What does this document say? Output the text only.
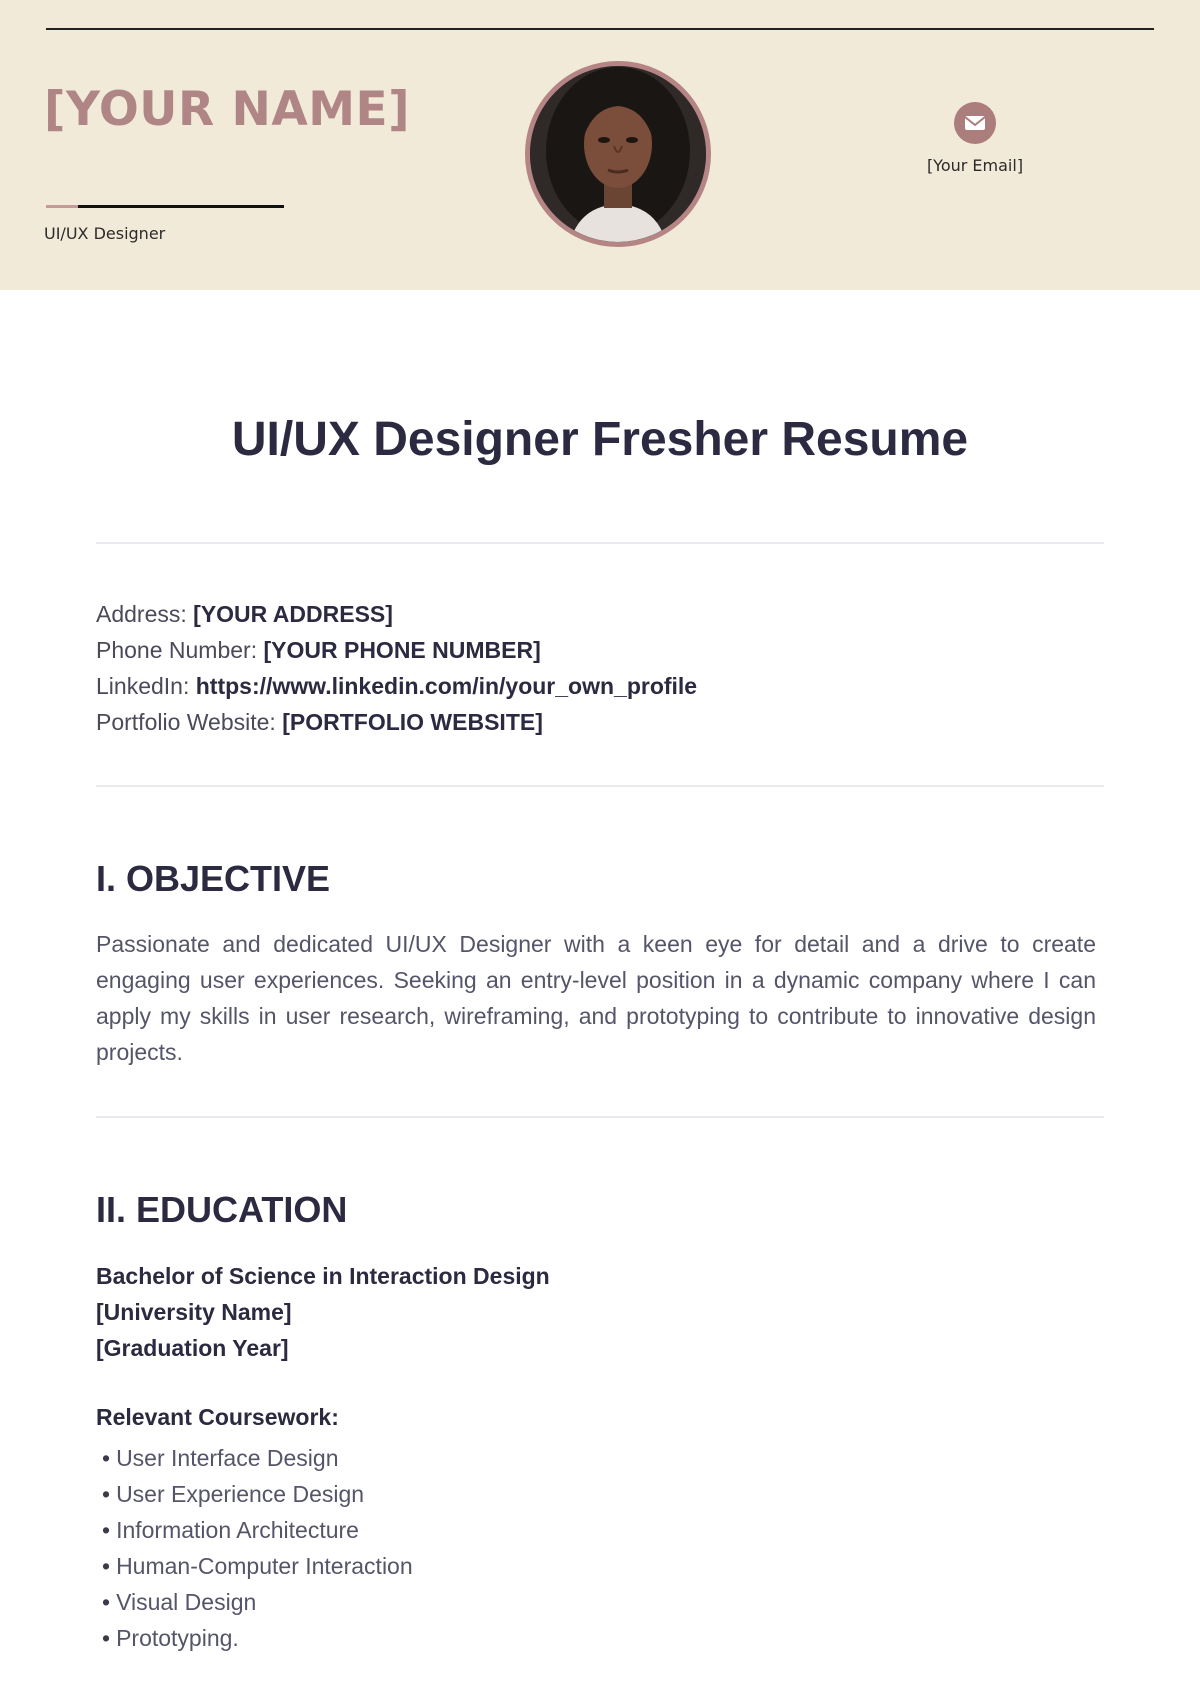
[YOUR NAME]
UI/UX Designer
[Your Email]
UI/UX Designer Fresher Resume
Address: [YOUR ADDRESS]
Phone Number: [YOUR PHONE NUMBER]
LinkedIn: https://www.linkedin.com/in/your_own_profile
Portfolio Website: [PORTFOLIO WEBSITE]
I. OBJECTIVE
Passionate and dedicated UI/UX Designer with a keen eye for detail and a drive to create engaging user experiences. Seeking an entry-level position in a dynamic company where I can apply my skills in user research, wireframing, and prototyping to contribute to innovative design projects.
II. EDUCATION
Bachelor of Science in Interaction Design
[University Name]
[Graduation Year]
Relevant Coursework:
• User Interface Design
• User Experience Design
• Information Architecture
• Human-Computer Interaction
• Visual Design
• Prototyping.
